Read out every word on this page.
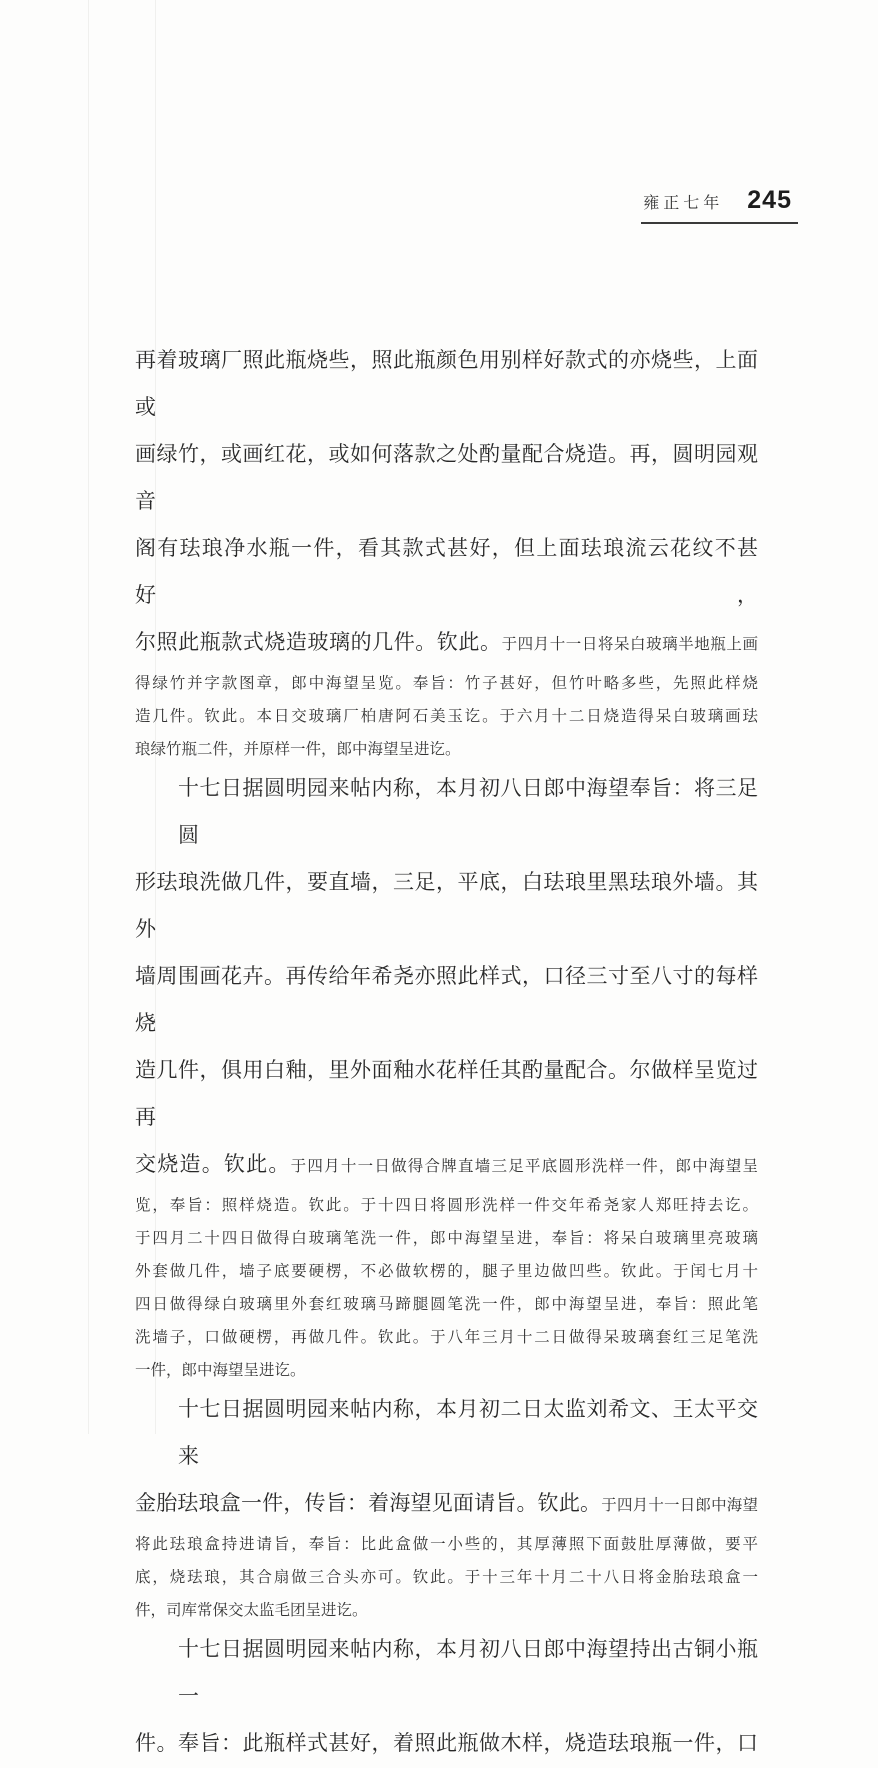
雍正七年 245
再着玻璃厂照此瓶烧些，照此瓶颜色用别样好款式的亦烧些，上面或
画绿竹，或画红花，或如何落款之处酌量配合烧造。再，圆明园观音
阁有珐琅净水瓶一件，看其款式甚好，但上面珐琅流云花纹不甚好，
尔照此瓶款式烧造玻璃的几件。钦此。于四月十一日将呆白玻璃半地瓶上画
得绿竹并字款图章，郎中海望呈览。奉旨：竹子甚好，但竹叶略多些，先照此样烧
造几件。钦此。本日交玻璃厂柏唐阿石美玉讫。于六月十二日烧造得呆白玻璃画珐
琅绿竹瓶二件，并原样一件，郎中海望呈进讫。
十七日据圆明园来帖内称，本月初八日郎中海望奉旨：将三足圆
形珐琅洗做几件，要直墙，三足，平底，白珐琅里黑珐琅外墙。其外
墙周围画花卉。再传给年希尧亦照此样式，口径三寸至八寸的每样烧
造几件，俱用白釉，里外面釉水花样任其酌量配合。尔做样呈览过再
交烧造。钦此。于四月十一日做得合牌直墙三足平底圆形洗样一件，郎中海望呈
览，奉旨：照样烧造。钦此。于十四日将圆形洗样一件交年希尧家人郑旺持去讫。
于四月二十四日做得白玻璃笔洗一件，郎中海望呈进，奉旨：将呆白玻璃里亮玻璃
外套做几件，墙子底要硬楞，不必做软楞的，腿子里边做凹些。钦此。于闰七月十
四日做得绿白玻璃里外套红玻璃马蹄腿圆笔洗一件，郎中海望呈进，奉旨：照此笔
洗墙子，口做硬楞，再做几件。钦此。于八年三月十二日做得呆玻璃套红三足笔洗
一件，郎中海望呈进讫。
十七日据圆明园来帖内称，本月初二日太监刘希文、王太平交来
金胎珐琅盒一件，传旨：着海望见面请旨。钦此。于四月十一日郎中海望
将此珐琅盒持进请旨，奉旨：比此盒做一小些的，其厚薄照下面鼓肚厚薄做，要平
底，烧珐琅，其合扇做三合头亦可。钦此。于十三年十月二十八日将金胎珐琅盒一
件，司库常保交太监毛团呈进讫。
十七日据圆明园来帖内称，本月初八日郎中海望持出古铜小瓶一
件。奉旨：此瓶样式甚好，着照此瓶做木样，烧造珐琅瓶一件，口
